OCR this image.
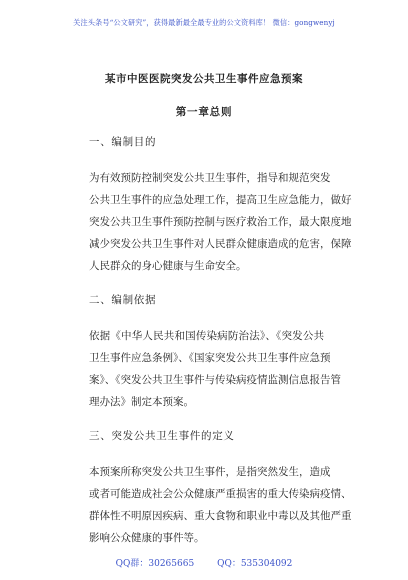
关注头条号“公文研究”，获得最新最全最专业的公文资料库！ 微信：gongwenyj
某市中医医院突发公共卫生事件应急预案
第一章总则
一、编制目的
为有效预防控制突发公共卫生事件，指导和规范突发
公共卫生事件的应急处理工作，提高卫生应急能力，做好
突发公共卫生事件预防控制与医疗救治工作，最大限度地
减少突发公共卫生事件对人民群众健康造成的危害，保障
人民群众的身心健康与生命安全。
二、编制依据
依据《中华人民共和国传染病防治法》、《突发公共
卫生事件应急条例》、《国家突发公共卫生事件应急预
案》、《突发公共卫生事件与传染病疫情监测信息报告管
理办法》制定本预案。
三、突发公共卫生事件的定义
本预案所称突发公共卫生事件，是指突然发生，造成
或者可能造成社会公众健康严重损害的重大传染病疫情、
群体性不明原因疾病、重大食物和职业中毒以及其他严重
影响公众健康的事件等。
QQ群：30265665	QQ：535304092
